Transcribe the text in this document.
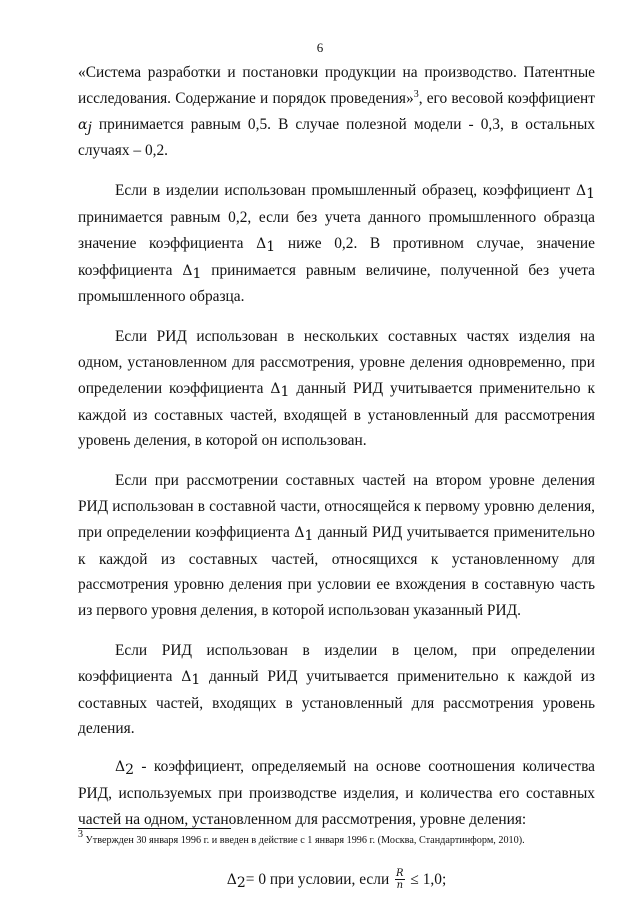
6

«Система разработки и постановки продукции на производство. Патентные исследования. Содержание и порядок проведения»$^3$, его весовой коэффициент $\alpha_j$ принимается равным 0,5. В случае полезной модели - 0,3, в остальных случаях – 0,2.

Если в изделии использован промышленный образец, коэффициент $\Delta_1$ принимается равным 0,2, если без учета данного промышленного образца значение коэффициента $\Delta_1$ ниже 0,2. В противном случае, значение коэффициента $\Delta_1$ принимается равным величине, полученной без учета промышленного образца.

Если РИД использован в нескольких составных частях изделия на одном, установленном для рассмотрения, уровне деления одновременно, при определении коэффициента $\Delta_1$ данный РИД учитывается применительно к каждой из составных частей, входящей в установленный для рассмотрения уровень деления, в которой он использован.

Если при рассмотрении составных частей на втором уровне деления РИД использован в составной части, относящейся к первому уровню деления, при определении коэффициента $\Delta_1$ данный РИД учитывается применительно к каждой из составных частей, относящихся к установленному для рассмотрения уровню деления при условии ее вхождения в составную часть из первого уровня деления, в которой использован указанный РИД.

Если РИД использован в изделии в целом, при определении коэффициента $\Delta_1$ данный РИД учитывается применительно к каждой из составных частей, входящих в установленный для рассмотрения уровень деления.

$\Delta_2$ - коэффициент, определяемый на основе соотношения количества РИД, используемых при производстве изделия, и количества его составных частей на одном, установленном для рассмотрения, уровне деления:

$\Delta_2= 0$ при условии, если $\frac{R}{n} \le 1,0$;
$^3$ Утвержден 30 января 1996 г. и введен в действие с 1 января 1996 г. (Москва, Стандартинформ, 2010).
